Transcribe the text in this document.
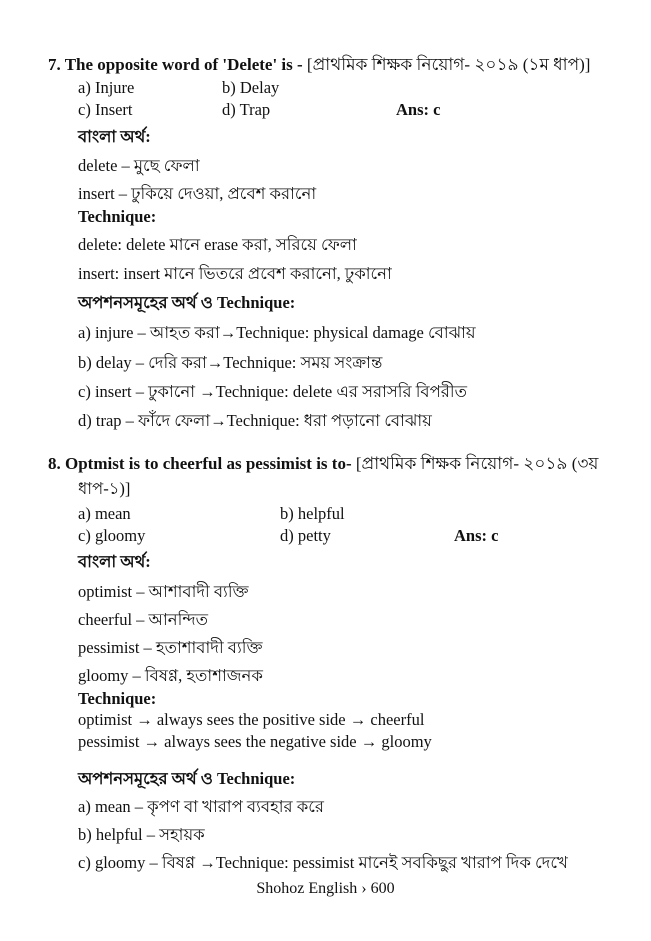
7. The opposite word of 'Delete' is - [প্রাথমিক শিক্ষক নিয়োগ- ২০১৯ (১ম ধাপ)]
a) Injure	b) Delay
c) Insert	d) Trap	Ans: c
বাংলা অর্থ:
delete – মুছে ফেলা
insert – ঢুকিয়ে দেওয়া, প্রবেশ করানো
Technique:
delete: delete মানে erase করা, সরিয়ে ফেলা
insert: insert মানে ভিতরে প্রবেশ করানো, ঢুকানো
অপশনসমূহের অর্থ ও Technique:
a) injure – আহত করা→Technique: physical damage বোঝায়
b) delay – দেরি করা→Technique: সময় সংক্রান্ত
c) insert – ঢুকানো →Technique: delete এর সরাসরি বিপরীত
d) trap – ফাঁদে ফেলা→Technique: ধরা পড়ানো বোঝায়
8. Optmist is to cheerful as pessimist is to- [প্রাথমিক শিক্ষক নিয়োগ- ২০১৯ (৩য়
ধাপ-১)]
a) mean	b) helpful
c) gloomy	d) petty	Ans: c
বাংলা অর্থ:
optimist – আশাবাদী ব্যক্তি
cheerful – আনন্দিত
pessimist – হতাশাবাদী ব্যক্তি
gloomy – বিষণ্ণ, হতাশাজনক
Technique:
optimist → always sees the positive side → cheerful
pessimist → always sees the negative side → gloomy
অপশনসমূহের অর্থ ও Technique:
a) mean – কৃপণ বা খারাপ ব্যবহার করে
b) helpful – সহায়ক
c) gloomy – বিষণ্ণ →Technique: pessimist মানেই সবকিছুর খারাপ দিক দেখে
Shohoz English › 600
